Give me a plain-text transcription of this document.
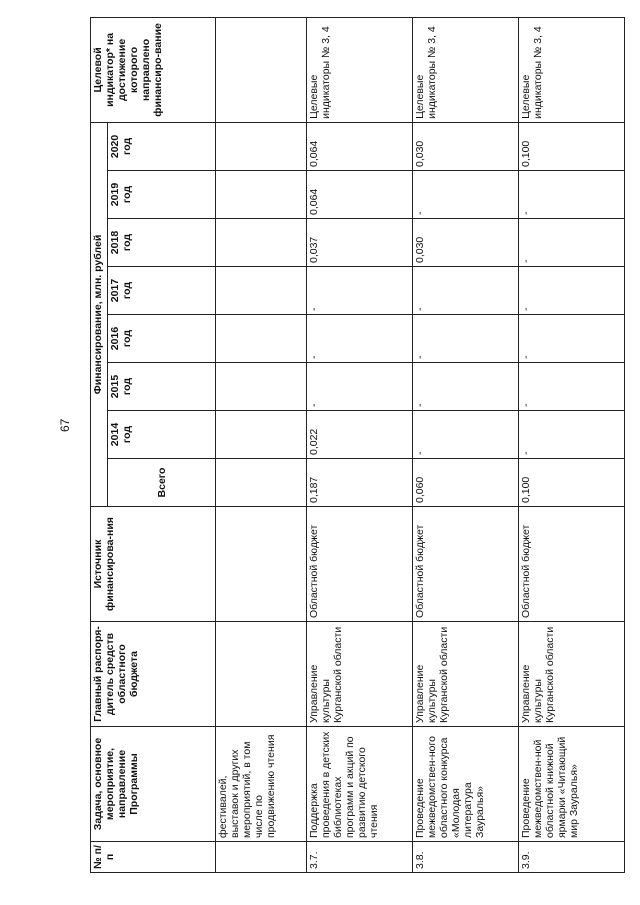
67
№ п/п	Задача, основное мероприятие, направление Программы	Главный распоря-дитель средств областного бюджета	Источник финансирова-ния	Финансирование, млн. рублей								Целевой индикатор* на достижение которого направлено финансиро-вание
				Всего	2014 год	2015 год	2016 год	2017 год	2018 год	2019 год	2020 год	
	фестивалей, выставок и других мероприятий, в том числе по продвижению чтения											
3.7.	Поддержка проведения в детских библиотеках программ и акций по развитию детского чтения	Управление культуры Курганской области	Областной бюджет	0,187	0,022	-	-	-	0,037	0,064	0,064	Целевые индикаторы № 3, 4
3.8.	Проведение межведомствен-ного областного конкурса «Молодая литература Зауралья»	Управление культуры Курганской области	Областной бюджет	0,060	-	-	-	-	0,030	-	0,030	Целевые индикаторы № 3, 4
3.9.	Проведение межведомствен-ной областной книжной ярмарки «Читающий мир Зауралья»	Управление культуры Курганской области	Областной бюджет	0,100	-	-	-	-	-	-	0,100	Целевые индикаторы № 3, 4
